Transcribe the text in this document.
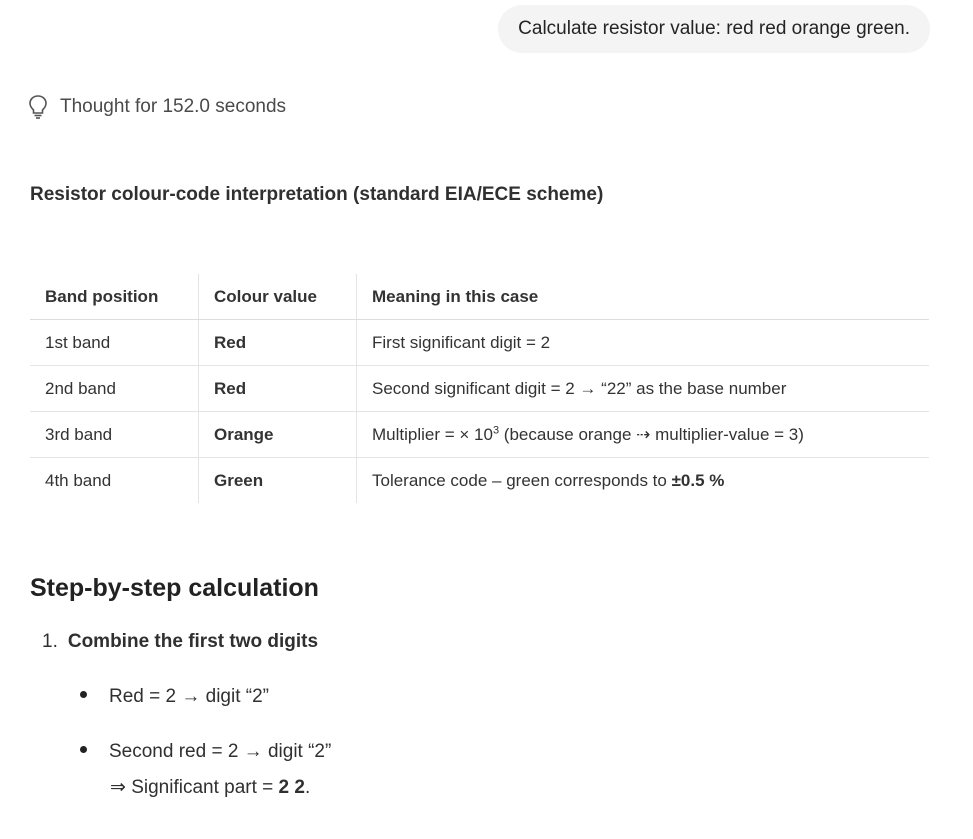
Calculate resistor value: red red orange green.
Thought for 152.0 seconds
Resistor colour-code interpretation (standard EIA/ECE scheme)
Band position	Colour value	Meaning in this case
1st band	Red	First significant digit = 2
2nd band	Red	Second significant digit = 2 → “22” as the base number
3rd band	Orange	Multiplier = × $10^3$ (because orange ⇢ multiplier-value = 3)
4th band	Green	Tolerance code – green corresponds to ±0.5 %
Step-by-step calculation
1. Combine the first two digits
Red = 2 → digit “2”
Second red = 2 → digit “2”
⇒ Significant part = 2 2.
